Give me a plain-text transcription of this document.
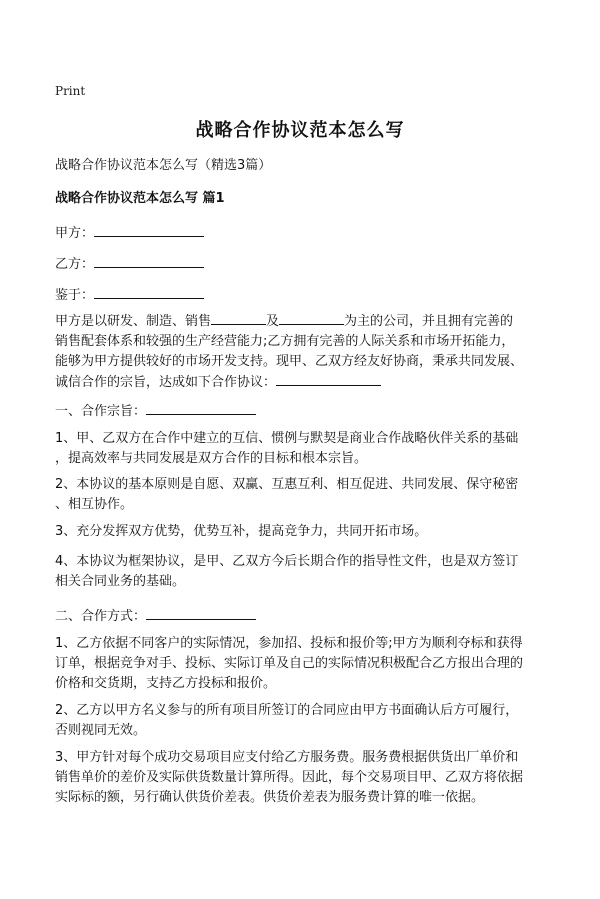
Print
战略合作协议范本怎么写
战略合作协议范本怎么写（精选3篇）
战略合作协议范本怎么写 篇1
甲方：
乙方：
鉴于：
甲方是以研发、制造、销售	及	为主的公司，并且拥有完善的
销售配套体系和较强的生产经营能力;乙方拥有完善的人际关系和市场开拓能力，
能够为甲方提供较好的市场开发支持。现甲、乙双方经友好协商，秉承共同发展、
诚信合作的宗旨，达成如下合作协议：
一、合作宗旨：
1、甲、乙双方在合作中建立的互信、惯例与默契是商业合作战略伙伴关系的基础
，提高效率与共同发展是双方合作的目标和根本宗旨。
2、本协议的基本原则是自愿、双赢、互惠互利、相互促进、共同发展、保守秘密
、相互协作。
3、充分发挥双方优势，优势互补，提高竞争力，共同开拓市场。
4、本协议为框架协议，是甲、乙双方今后长期合作的指导性文件，也是双方签订
相关合同业务的基础。
二、合作方式：
1、乙方依据不同客户的实际情况，参加招、投标和报价等;甲方为顺利夺标和获得
订单，根据竞争对手、投标、实际订单及自己的实际情况积极配合乙方报出合理的
价格和交货期，支持乙方投标和报价。
2、乙方以甲方名义参与的所有项目所签订的合同应由甲方书面确认后方可履行，
否则视同无效。
3、甲方针对每个成功交易项目应支付给乙方服务费。服务费根据供货出厂单价和
销售单价的差价及实际供货数量计算所得。因此，每个交易项目甲、乙双方将依据
实际标的额，另行确认供货价差表。供货价差表为服务费计算的唯一依据。
